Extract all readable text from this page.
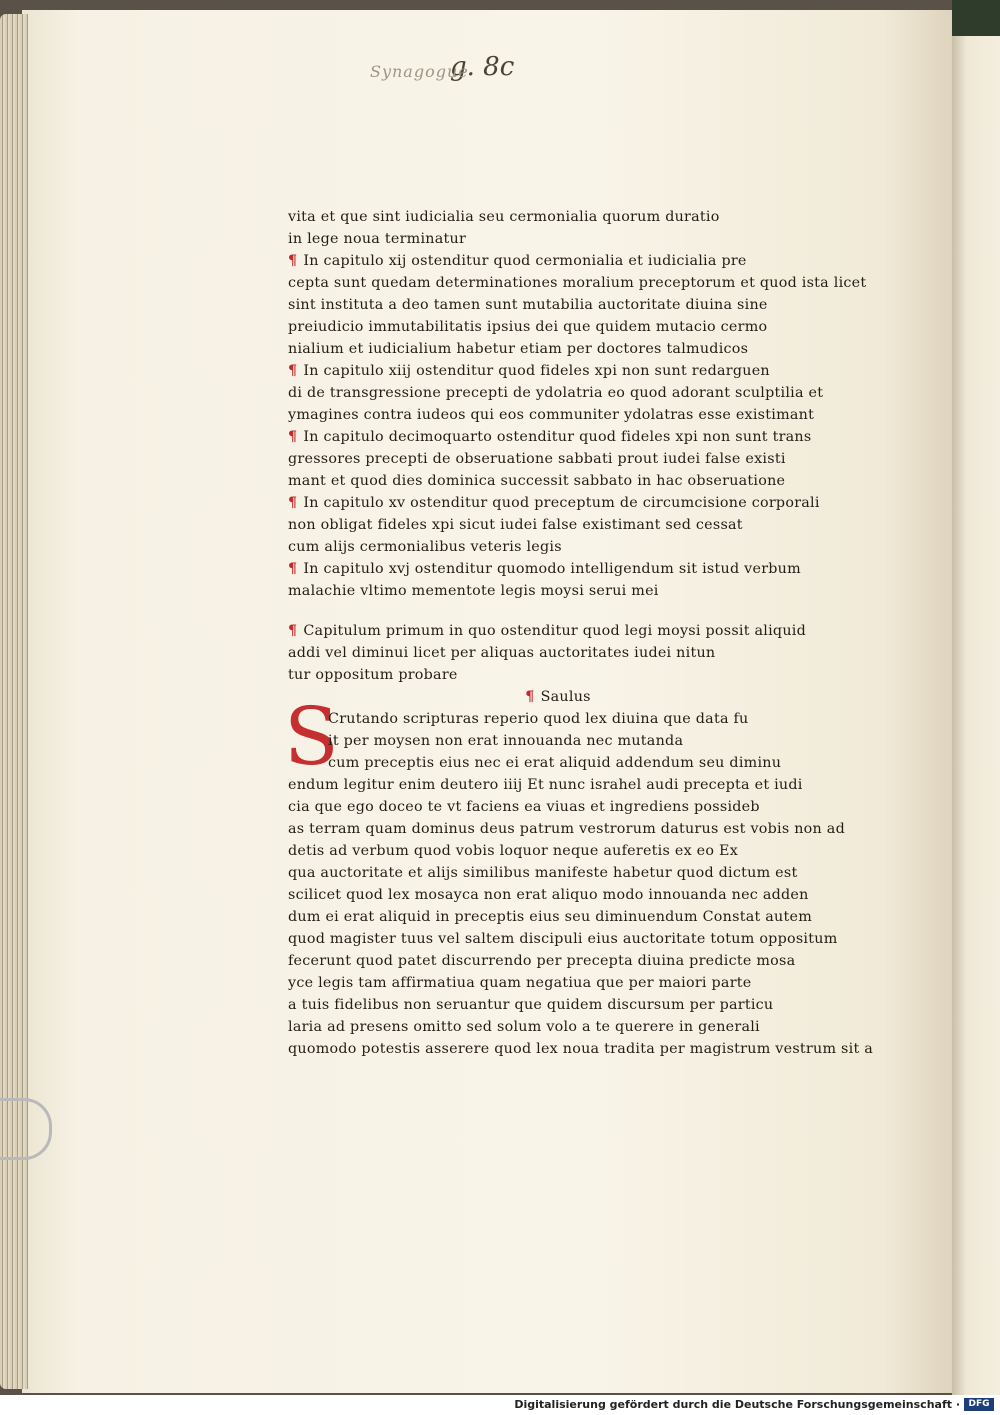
g. 8c
Synagogue
S
vita et que sint iudicialia seu cermonialia quorum duratio
in lege noua terminatur
¶ In capitulo xij ostenditur quod cermonialia et iudicialia pre
cepta sunt quedam determinationes moralium preceptorum et quod ista licet
sint instituta a deo tamen sunt mutabilia auctoritate diuina sine
preiudicio immutabilitatis ipsius dei que quidem mutacio cermo
nialium et iudicialium habetur etiam per doctores talmudicos
¶ In capitulo xiij ostenditur quod fideles xpi non sunt redarguen
di de transgressione precepti de ydolatria eo quod adorant sculptilia et
ymagines contra iudeos qui eos communiter ydolatras esse existimant
¶ In capitulo decimoquarto ostenditur quod fideles xpi non sunt trans
gressores precepti de obseruatione sabbati prout iudei false existi
mant et quod dies dominica successit sabbato in hac obseruatione
¶ In capitulo xv ostenditur quod preceptum de circumcisione corporali
non obligat fideles xpi sicut iudei false existimant sed cessat
cum alijs cermonialibus veteris legis
¶ In capitulo xvj ostenditur quomodo intelligendum sit istud verbum
malachie vltimo mementote legis moysi serui mei
¶ Capitulum primum in quo ostenditur quod legi moysi possit aliquid
addi vel diminui licet per aliquas auctoritates iudei nitun
tur oppositum probare
¶ Saulus
Crutando scripturas reperio quod lex diuina que data fu
it per moysen non erat innouanda nec mutanda
cum preceptis eius nec ei erat aliquid addendum seu diminu
endum legitur enim deutero iiij Et nunc israhel audi precepta et iudi
cia que ego doceo te vt faciens ea viuas et ingrediens possideb
as terram quam dominus deus patrum vestrorum daturus est vobis non ad
detis ad verbum quod vobis loquor neque auferetis ex eo Ex
qua auctoritate et alijs similibus manifeste habetur quod dictum est
scilicet quod lex mosayca non erat aliquo modo innouanda nec adden
dum ei erat aliquid in preceptis eius seu diminuendum Constat autem
quod magister tuus vel saltem discipuli eius auctoritate totum oppositum
fecerunt quod patet discurrendo per precepta diuina predicte mosa
yce legis tam affirmatiua quam negatiua que per maiori parte
a tuis fidelibus non seruantur que quidem discursum per particu
laria ad presens omitto sed solum volo a te querere in generali
quomodo potestis asserere quod lex noua tradita per magistrum vestrum sit a
Digitalisierung gefördert durch die Deutsche Forschungsgemeinschaft · DFG
